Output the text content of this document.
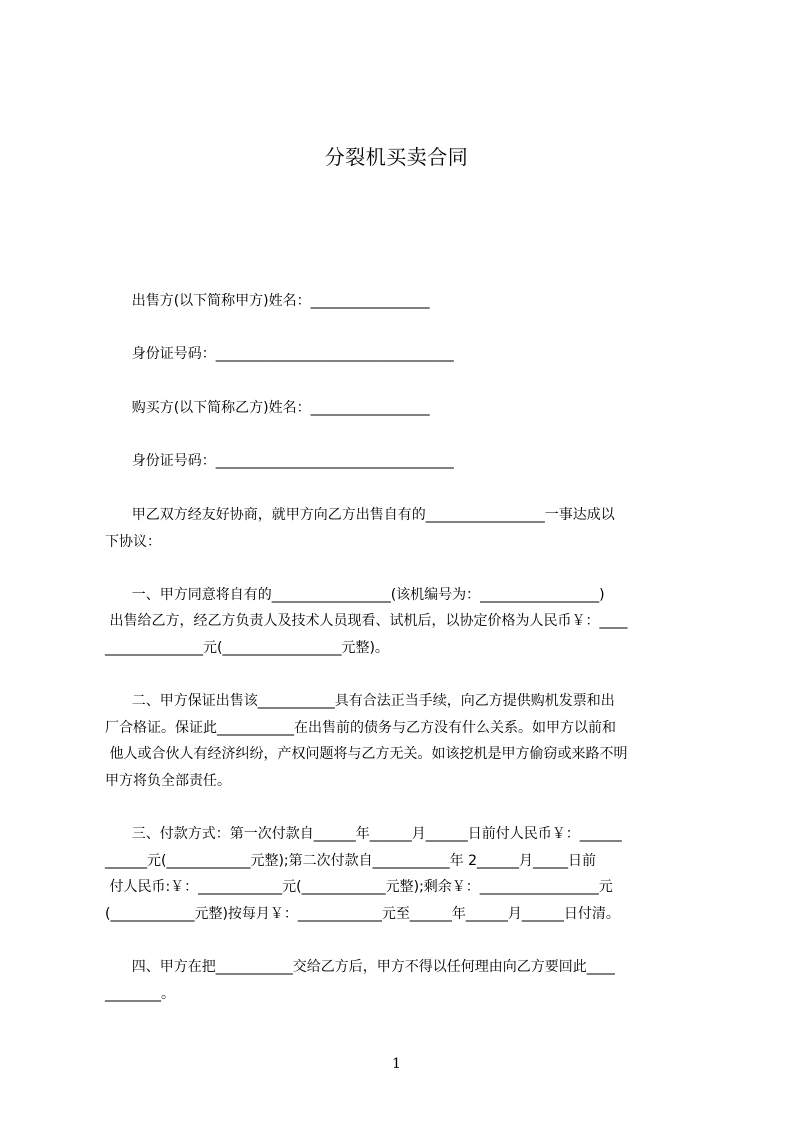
分裂机买卖合同
出售方(以下简称甲方)姓名：_________________
身份证号码：__________________________________
购买方(以下简称乙方)姓名：_________________
身份证号码：__________________________________
甲乙双方经友好协商，就甲方向乙方出售自有的_________________一事达成以
下协议：
一、甲方同意将自有的_________________(该机编号为：_________________)
出售给乙方，经乙方负责人及技术人员现看、试机后，以协定价格为人民币￥：____
______________元(_________________元整)。
二、甲方保证出售该___________具有合法正当手续，向乙方提供购机发票和出
厂合格证。保证此___________在出售前的债务与乙方没有什么关系。如甲方以前和
他人或合伙人有经济纠纷，产权问题将与乙方无关。如该挖机是甲方偷窃或来路不明
甲方将负全部责任。
三、付款方式：第一次付款自______年______月______日前付人民币￥：______
______元(____________元整);第二次付款自___________年 2______月_____日前
付人民币:￥：____________元(____________元整);剩余￥：_________________元
(____________元整)按每月￥：____________元至______年______月______日付清。
四、甲方在把___________交给乙方后，甲方不得以任何理由向乙方要回此____
________。
1
